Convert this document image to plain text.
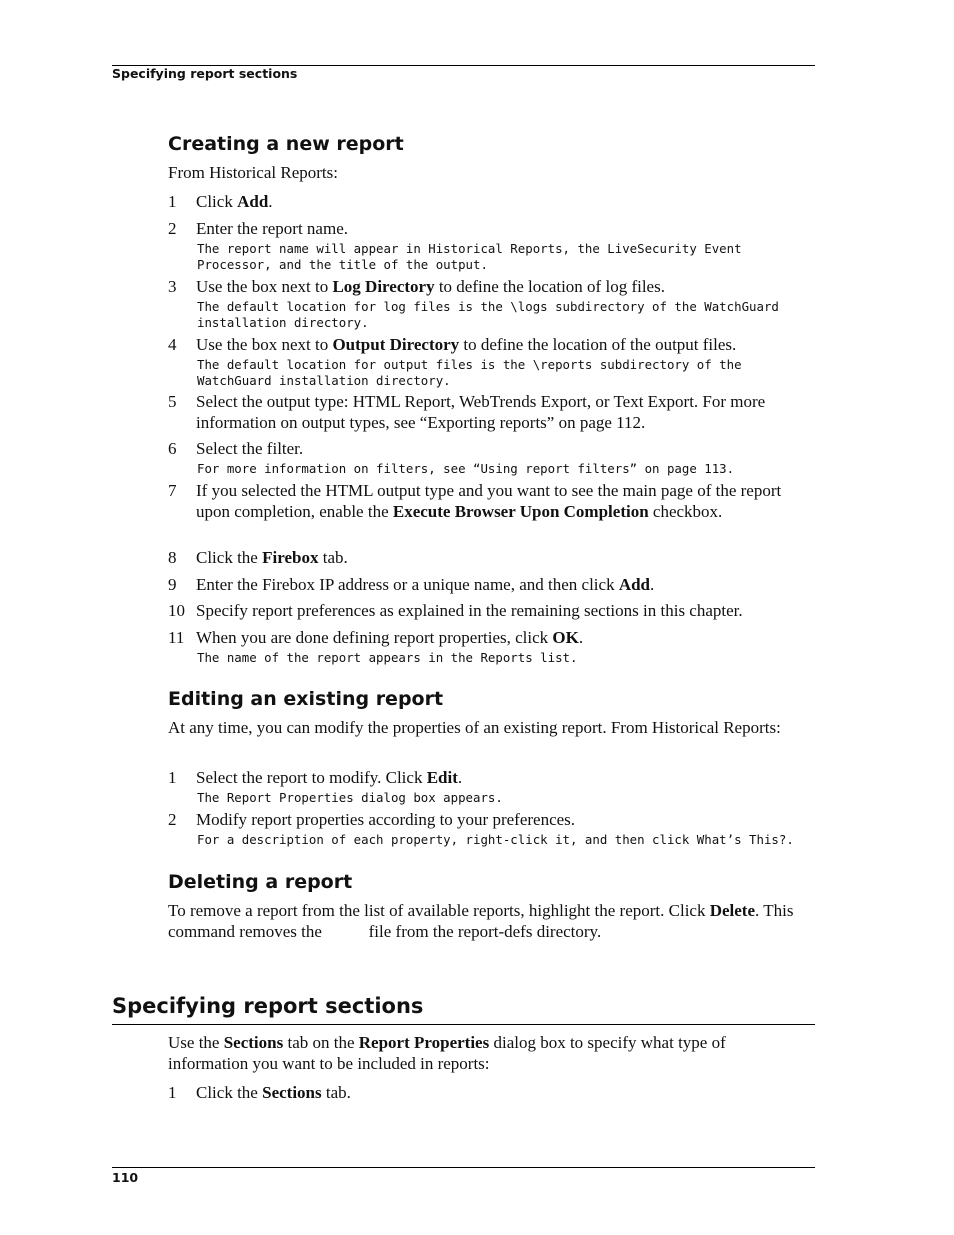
Specifying report sections
Creating a new report
From Historical Reports:
1	Click Add.
2	Enter the report name.
The report name will appear in Historical Reports, the LiveSecurity Event Processor, and the title of the output.
3	Use the box next to Log Directory to define the location of log files.
The default location for log files is the \logs subdirectory of the WatchGuard installation directory.
4	Use the box next to Output Directory to define the location of the output files.
The default location for output files is the \reports subdirectory of the WatchGuard installation directory.
5	Select the output type: HTML Report, WebTrends Export, or Text Export. For more information on output types, see “Exporting reports” on page 112.
6	Select the filter.
For more information on filters, see “Using report filters” on page 113.
7	If you selected the HTML output type and you want to see the main page of the report upon completion, enable the Execute Browser Upon Completion checkbox.
8	Click the Firebox tab.
9	Enter the Firebox IP address or a unique name, and then click Add.
10 Specify report preferences as explained in the remaining sections in this chapter.
11 When you are done defining report properties, click OK.
The name of the report appears in the Reports list.
Editing an existing report
At any time, you can modify the properties of an existing report. From Historical Reports:
1	Select the report to modify. Click Edit.
The Report Properties dialog box appears.
2	Modify report properties according to your preferences.
For a description of each property, right-click it, and then click What’s This?.
Deleting a report
To remove a report from the list of available reports, highlight the report. Click Delete. This command removes the           file from the report-defs directory.
Specifying report sections
Use the Sections tab on the Report Properties dialog box to specify what type of information you want to be included in reports:
1	Click the Sections tab.
110
